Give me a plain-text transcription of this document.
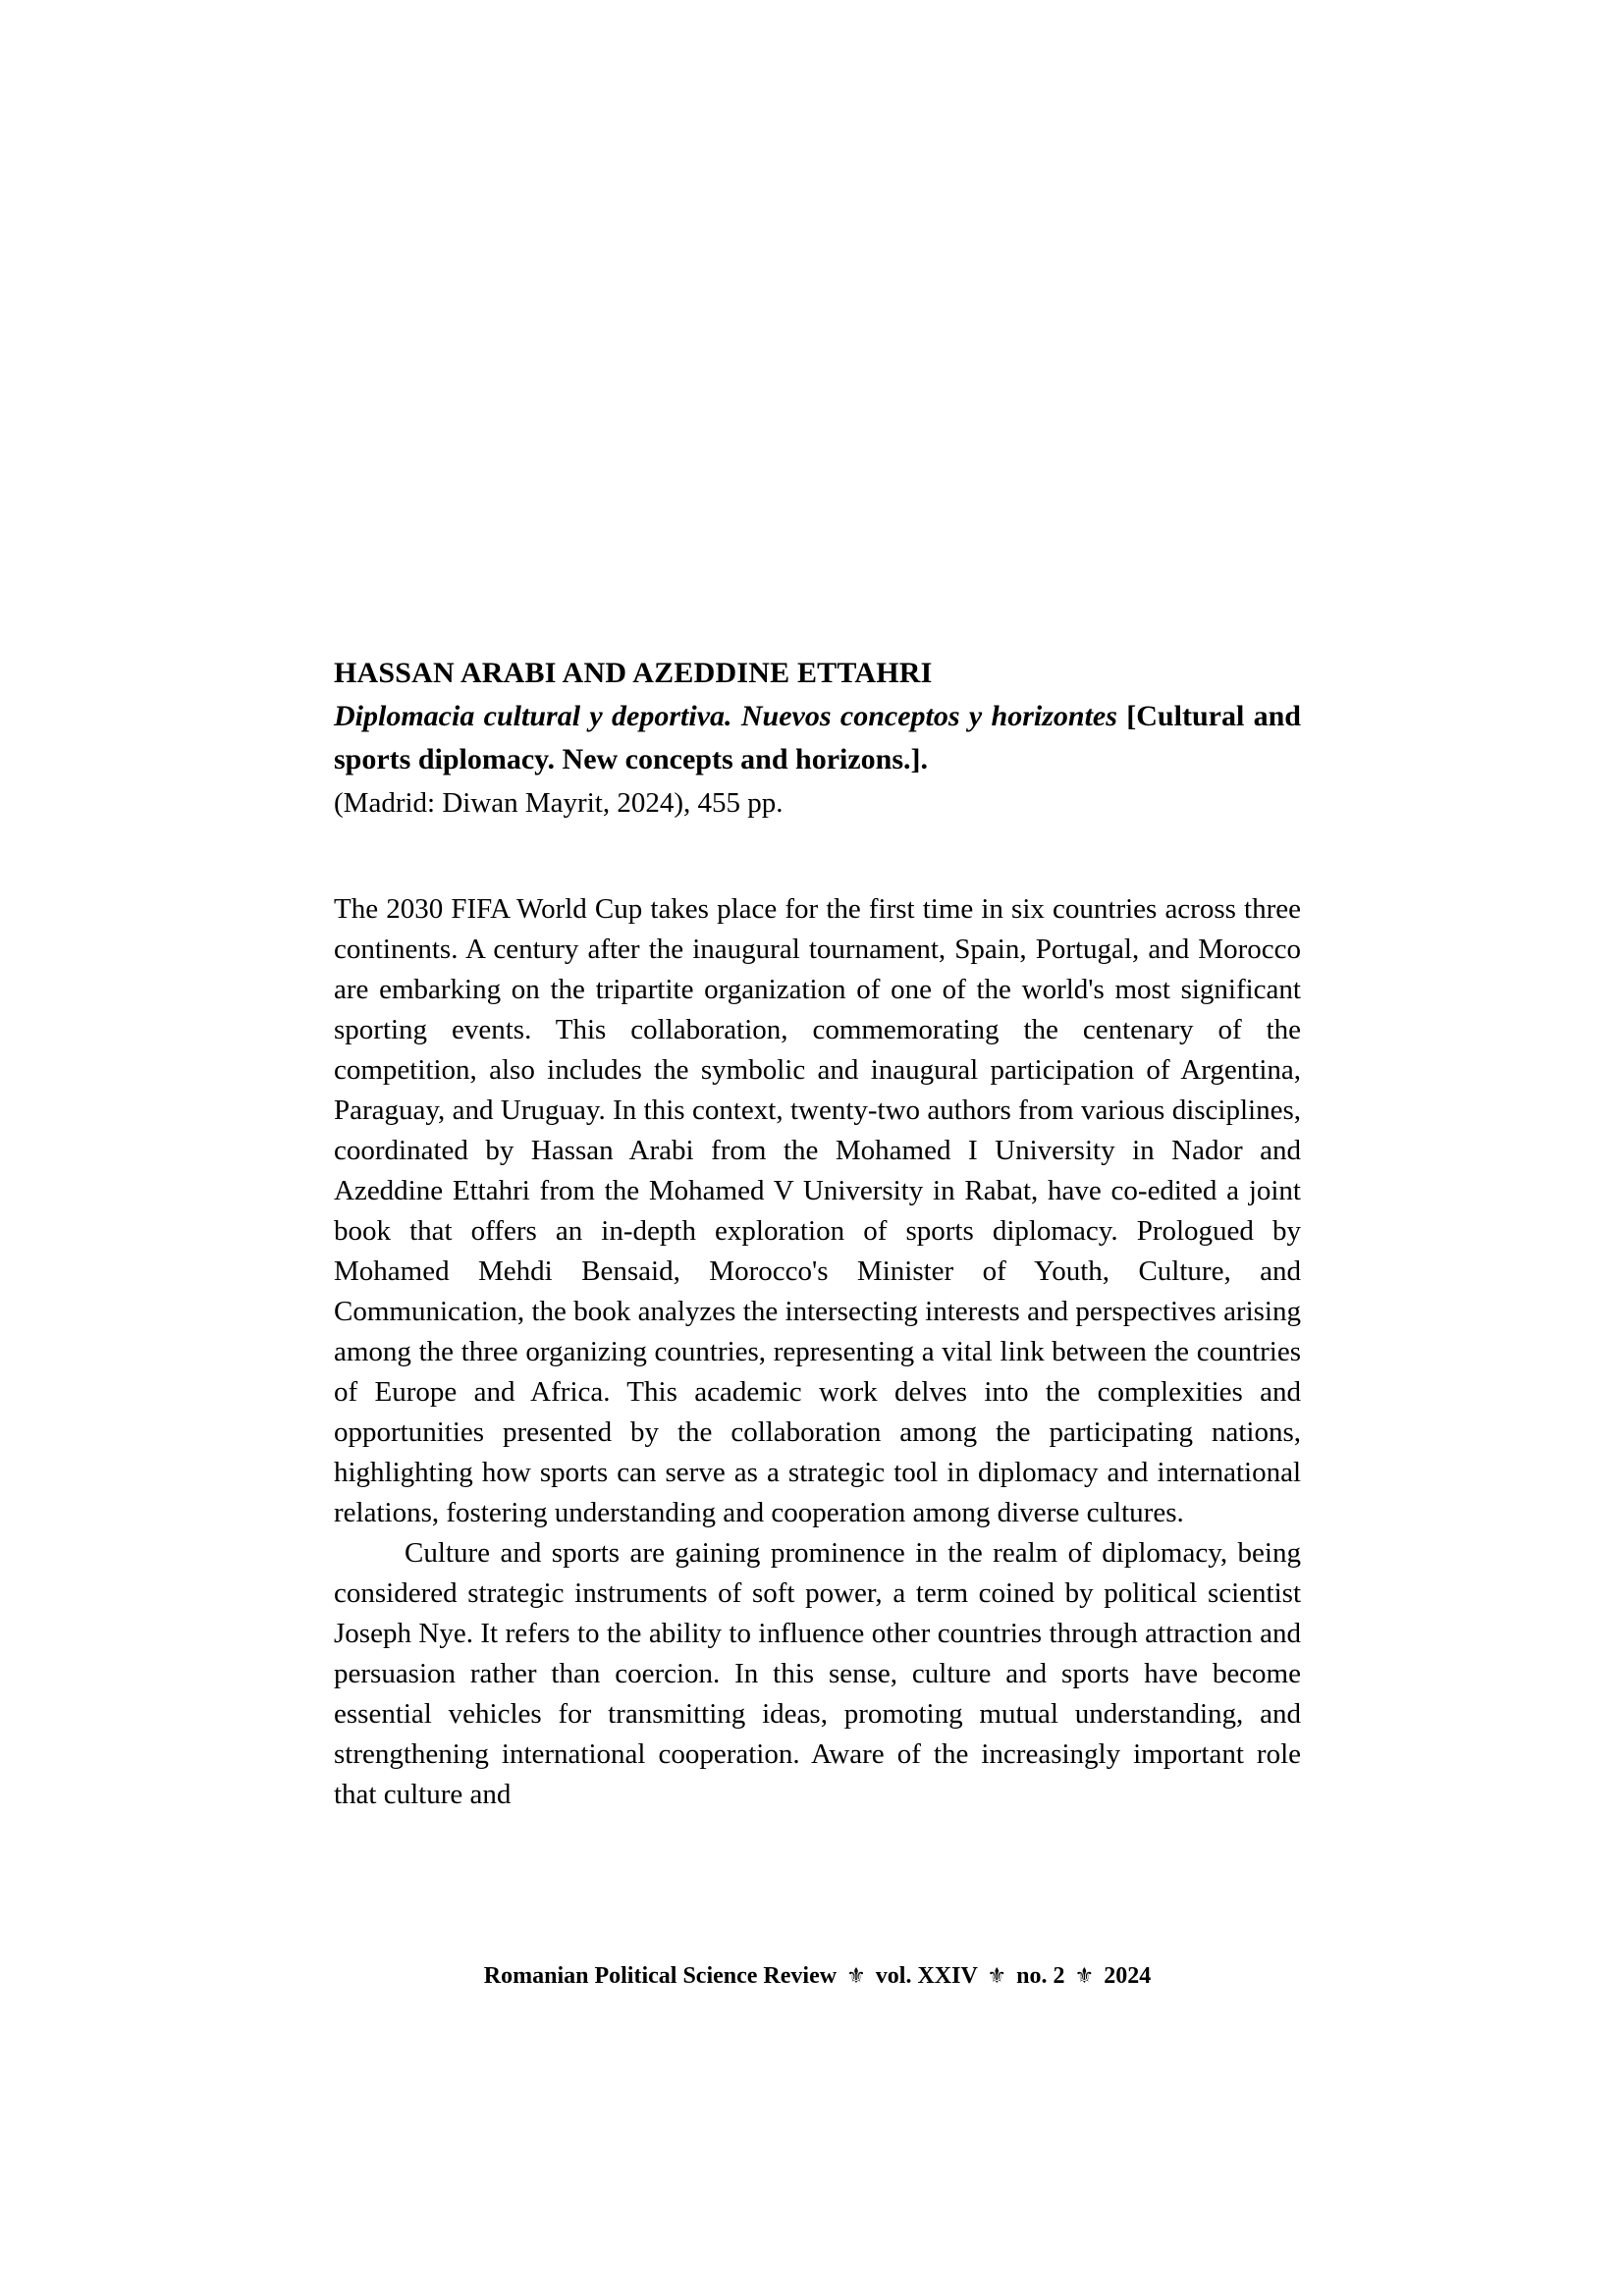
HASSAN ARABI AND AZEDDINE ETTAHRI

Diplomacia cultural y deportiva. Nuevos conceptos y horizontes [Cultural and sports diplomacy. New concepts and horizons.].

(Madrid: Diwan Mayrit, 2024), 455 pp.

The 2030 FIFA World Cup takes place for the first time in six countries across three continents. A century after the inaugural tournament, Spain, Portugal, and Morocco are embarking on the tripartite organization of one of the world's most significant sporting events. This collaboration, commemorating the centenary of the competition, also includes the symbolic and inaugural participation of Argentina, Paraguay, and Uruguay. In this context, twenty-two authors from various disciplines, coordinated by Hassan Arabi from the Mohamed I University in Nador and Azeddine Ettahri from the Mohamed V University in Rabat, have co-edited a joint book that offers an in-depth exploration of sports diplomacy. Prologued by Mohamed Mehdi Bensaid, Morocco's Minister of Youth, Culture, and Communication, the book analyzes the intersecting interests and perspectives arising among the three organizing countries, representing a vital link between the countries of Europe and Africa. This academic work delves into the complexities and opportunities presented by the collaboration among the participating nations, highlighting how sports can serve as a strategic tool in diplomacy and international relations, fostering understanding and cooperation among diverse cultures.

Culture and sports are gaining prominence in the realm of diplomacy, being considered strategic instruments of soft power, a term coined by political scientist Joseph Nye. It refers to the ability to influence other countries through attraction and persuasion rather than coercion. In this sense, culture and sports have become essential vehicles for transmitting ideas, promoting mutual understanding, and strengthening international cooperation. Aware of the increasingly important role that culture and

Romanian Political Science Review ⚜ vol. XXIV ⚜ no. 2 ⚜ 2024
